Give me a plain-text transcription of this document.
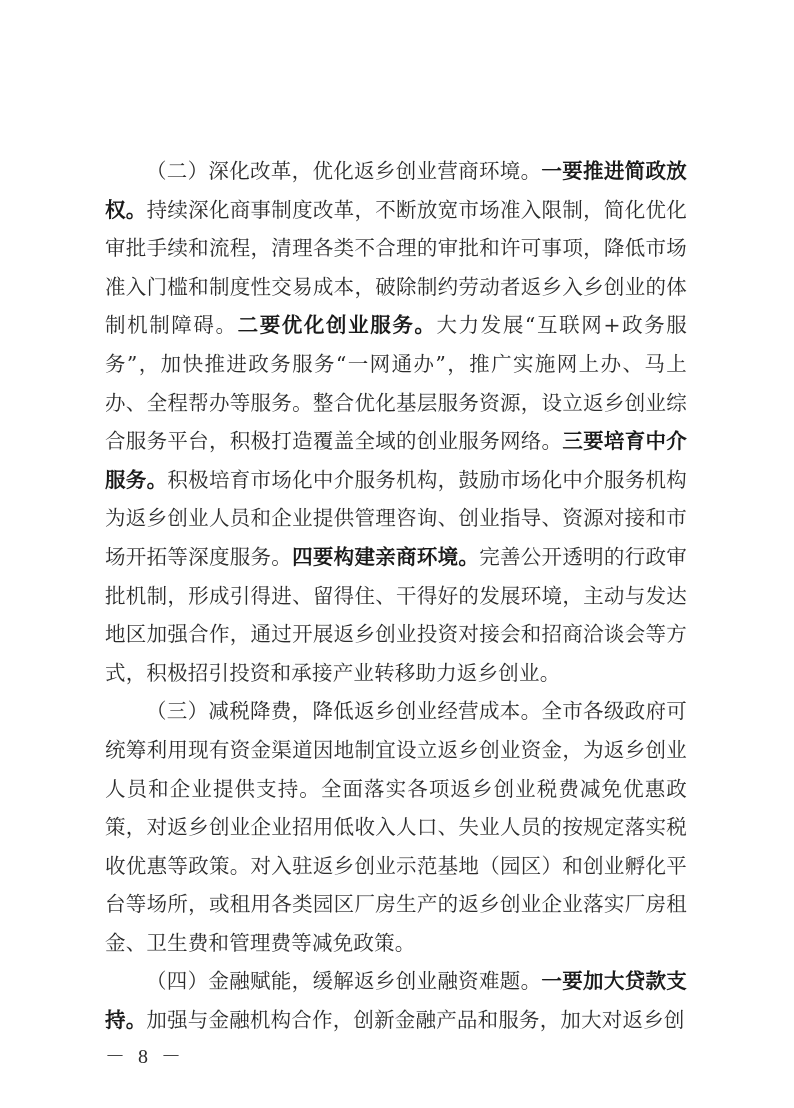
（二）深化改革，优化返乡创业营商环境。一要推进简政放权。持续深化商事制度改革，不断放宽市场准入限制，简化优化审批手续和流程，清理各类不合理的审批和许可事项，降低市场准入门槛和制度性交易成本，破除制约劳动者返乡入乡创业的体制机制障碍。二要优化创业服务。大力发展“互联网+政务服务”，加快推进政务服务“一网通办”，推广实施网上办、马上办、全程帮办等服务。整合优化基层服务资源，设立返乡创业综合服务平台，积极打造覆盖全域的创业服务网络。三要培育中介服务。积极培育市场化中介服务机构，鼓励市场化中介服务机构为返乡创业人员和企业提供管理咨询、创业指导、资源对接和市场开拓等深度服务。四要构建亲商环境。完善公开透明的行政审批机制，形成引得进、留得住、干得好的发展环境，主动与发达地区加强合作，通过开展返乡创业投资对接会和招商洽谈会等方式，积极招引投资和承接产业转移助力返乡创业。

（三）减税降费，降低返乡创业经营成本。全市各级政府可统筹利用现有资金渠道因地制宜设立返乡创业资金，为返乡创业人员和企业提供支持。全面落实各项返乡创业税费减免优惠政策，对返乡创业企业招用低收入人口、失业人员的按规定落实税收优惠等政策。对入驻返乡创业示范基地（园区）和创业孵化平台等场所，或租用各类园区厂房生产的返乡创业企业落实厂房租金、卫生费和管理费等减免政策。

（四）金融赋能，缓解返乡创业融资难题。一要加大贷款支持。加强与金融机构合作，创新金融产品和服务，加大对返乡创

－ 8 －
